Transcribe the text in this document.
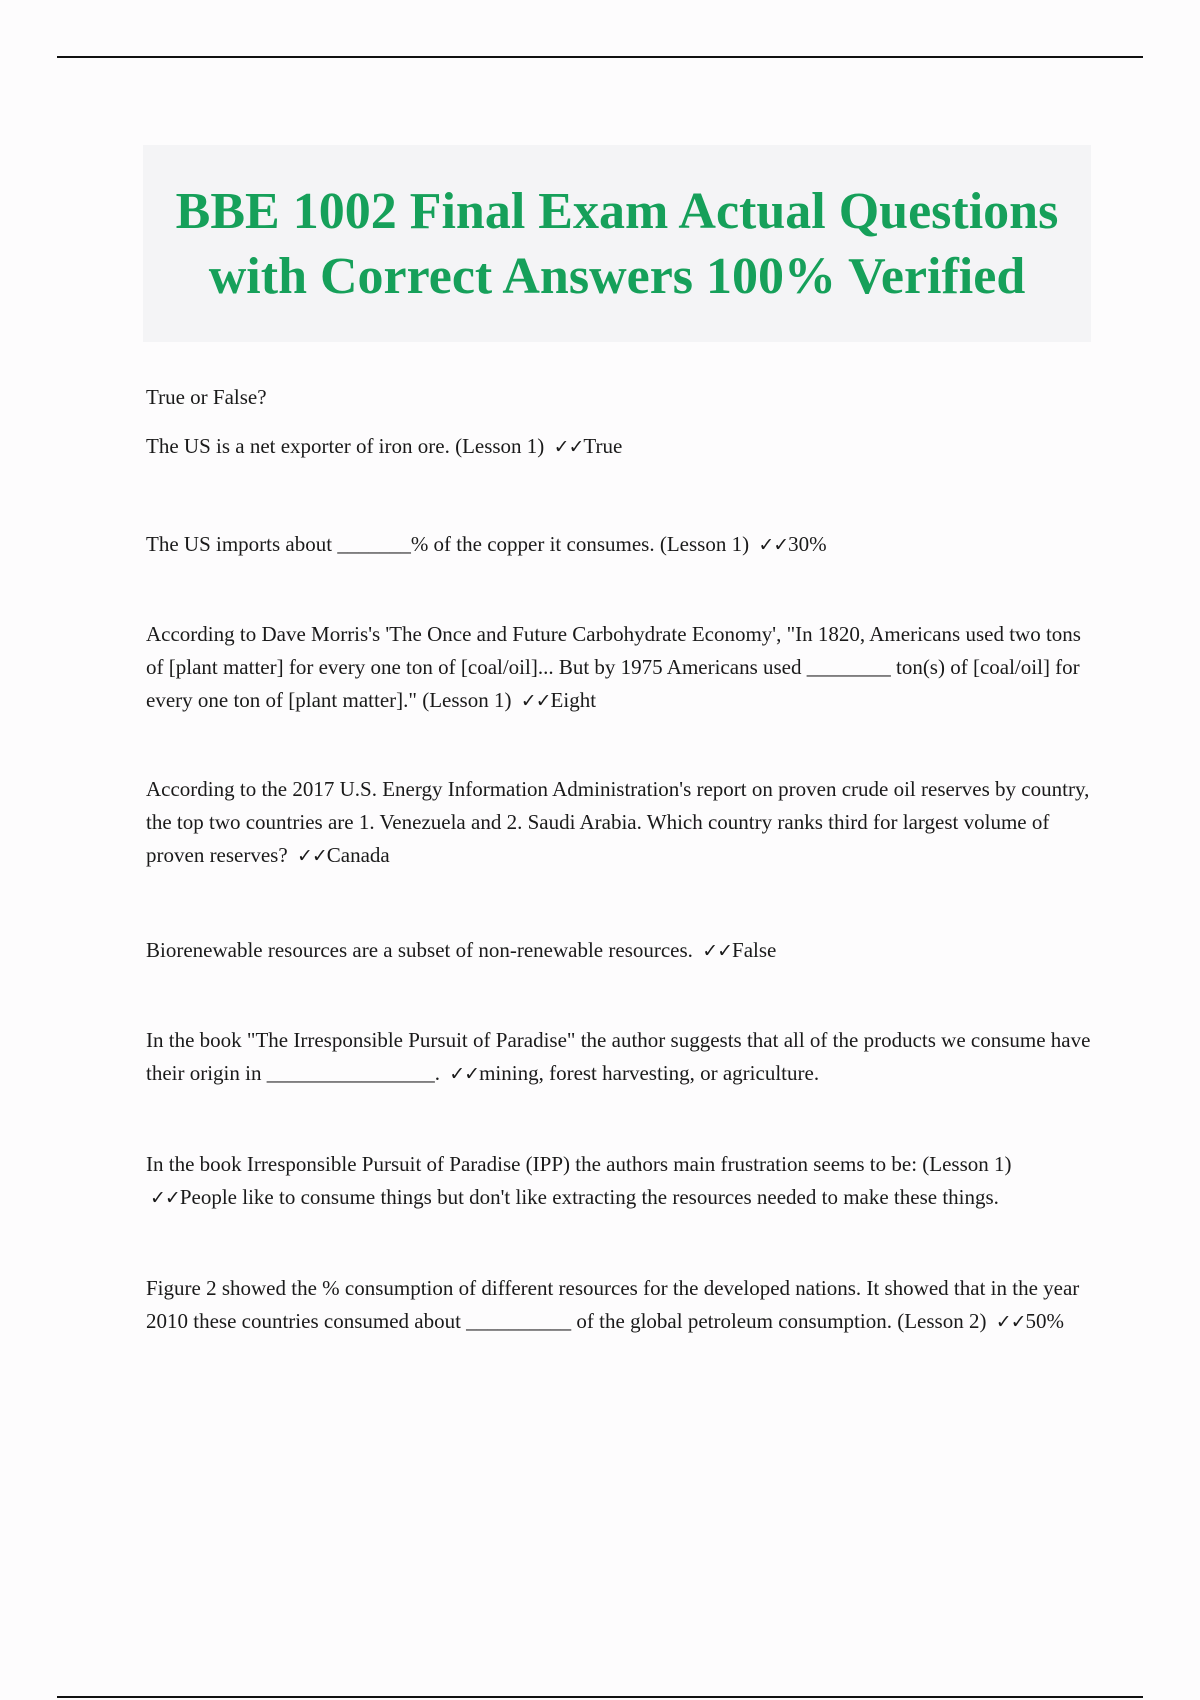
BBE 1002 Final Exam Actual Questions with Correct Answers 100% Verified

True or False?

The US is a net exporter of iron ore. (Lesson 1) ✓✓True

The US imports about _______% of the copper it consumes. (Lesson 1) ✓✓30%

According to Dave Morris's 'The Once and Future Carbohydrate Economy', "In 1820, Americans used two tons of [plant matter] for every one ton of [coal/oil]... But by 1975 Americans used ________ ton(s) of [coal/oil] for every one ton of [plant matter]." (Lesson 1) ✓✓Eight

According to the 2017 U.S. Energy Information Administration's report on proven crude oil reserves by country, the top two countries are 1. Venezuela and 2. Saudi Arabia. Which country ranks third for largest volume of proven reserves? ✓✓Canada

Biorenewable resources are a subset of non-renewable resources. ✓✓False

In the book "The Irresponsible Pursuit of Paradise" the author suggests that all of the products we consume have their origin in ________________. ✓✓mining, forest harvesting, or agriculture.

In the book Irresponsible Pursuit of Paradise (IPP) the authors main frustration seems to be: (Lesson 1) ✓✓People like to consume things but don't like extracting the resources needed to make these things.

Figure 2 showed the % consumption of different resources for the developed nations. It showed that in the year 2010 these countries consumed about __________ of the global petroleum consumption. (Lesson 2) ✓✓50%
